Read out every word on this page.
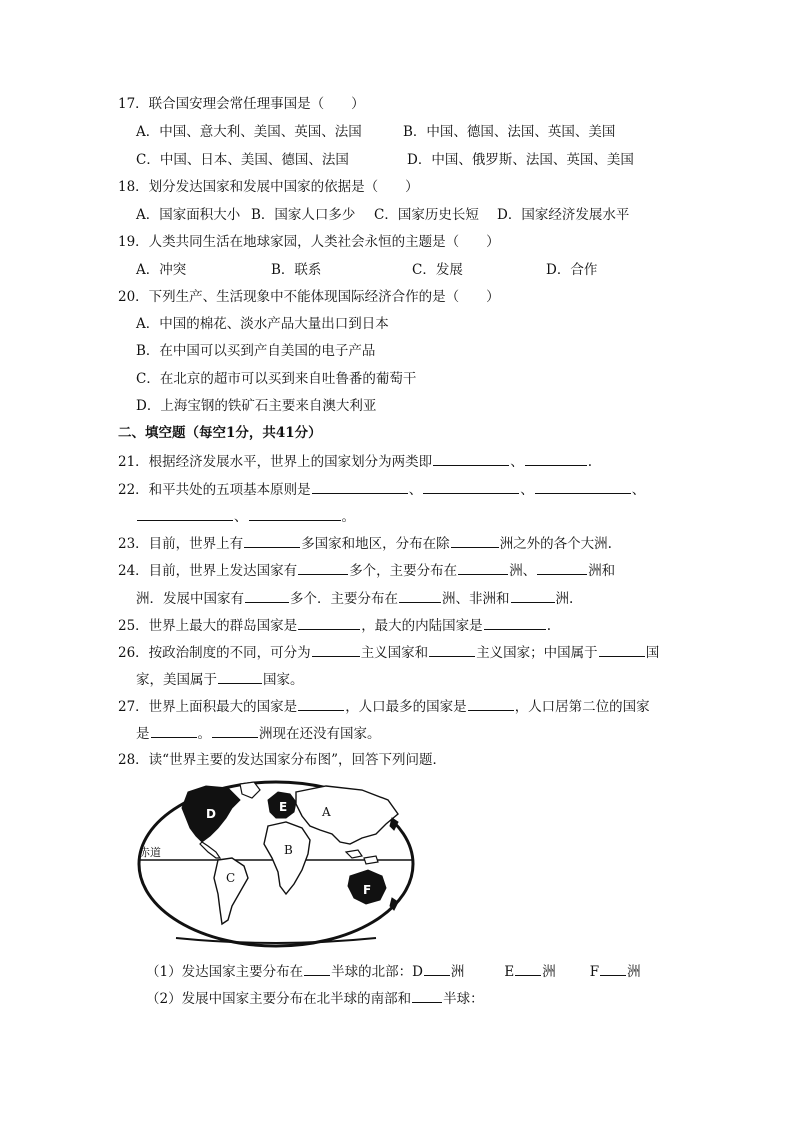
17．联合国安理会常任理事国是（　　）
A．中国、意大利、美国、英国、法国	B．中国、德国、法国、英国、美国
C．中国、日本、美国、德国、法国	D．中国、俄罗斯、法国、英国、美国
18．划分发达国家和发展中国家的依据是（　　）
A．国家面积大小 B．国家人口多少 C．国家历史长短 D．国家经济发展水平
19．人类共同生活在地球家园，人类社会永恒的主题是（　　）
A．冲突	B．联系	C．发展	D．合作
20．下列生产、生活现象中不能体现国际经济合作的是（　　）
A．中国的棉花、淡水产品大量出口到日本
B．在中国可以买到产自美国的电子产品
C．在北京的超市可以买到来自吐鲁番的葡萄干
D．上海宝钢的铁矿石主要来自澳大利亚
二、填空题（每空1分，共41分）
21．根据经济发展水平，世界上的国家划分为两类即	、	.
22．和平共处的五项基本原则是	、	、	、
、	。
23．目前，世界上有	多国家和地区，分布在除	洲之外的各个大洲.
24．目前，世界上发达国家有	多个，主要分布在	洲、	洲和
洲．发展中国家有	多个．主要分布在	洲、非洲和	洲.
25．世界上最大的群岛国家是	，最大的内陆国家是	.
26．按政治制度的不同，可分为	主义国家和	主义国家；中国属于	国
家，美国属于	国家。
27．世界上面积最大的国家是	，人口最多的国家是	，人口居第二位的国家
是	。	洲现在还没有国家。
28．读“世界主要的发达国家分布图”，回答下列问题．
赤道
A
B
C
D	E
F
（1）发达国家主要分布在 半球的北部：D 洲	E 洲	F 洲
（2）发展中国家主要分布在北半球的南部和 半球：
